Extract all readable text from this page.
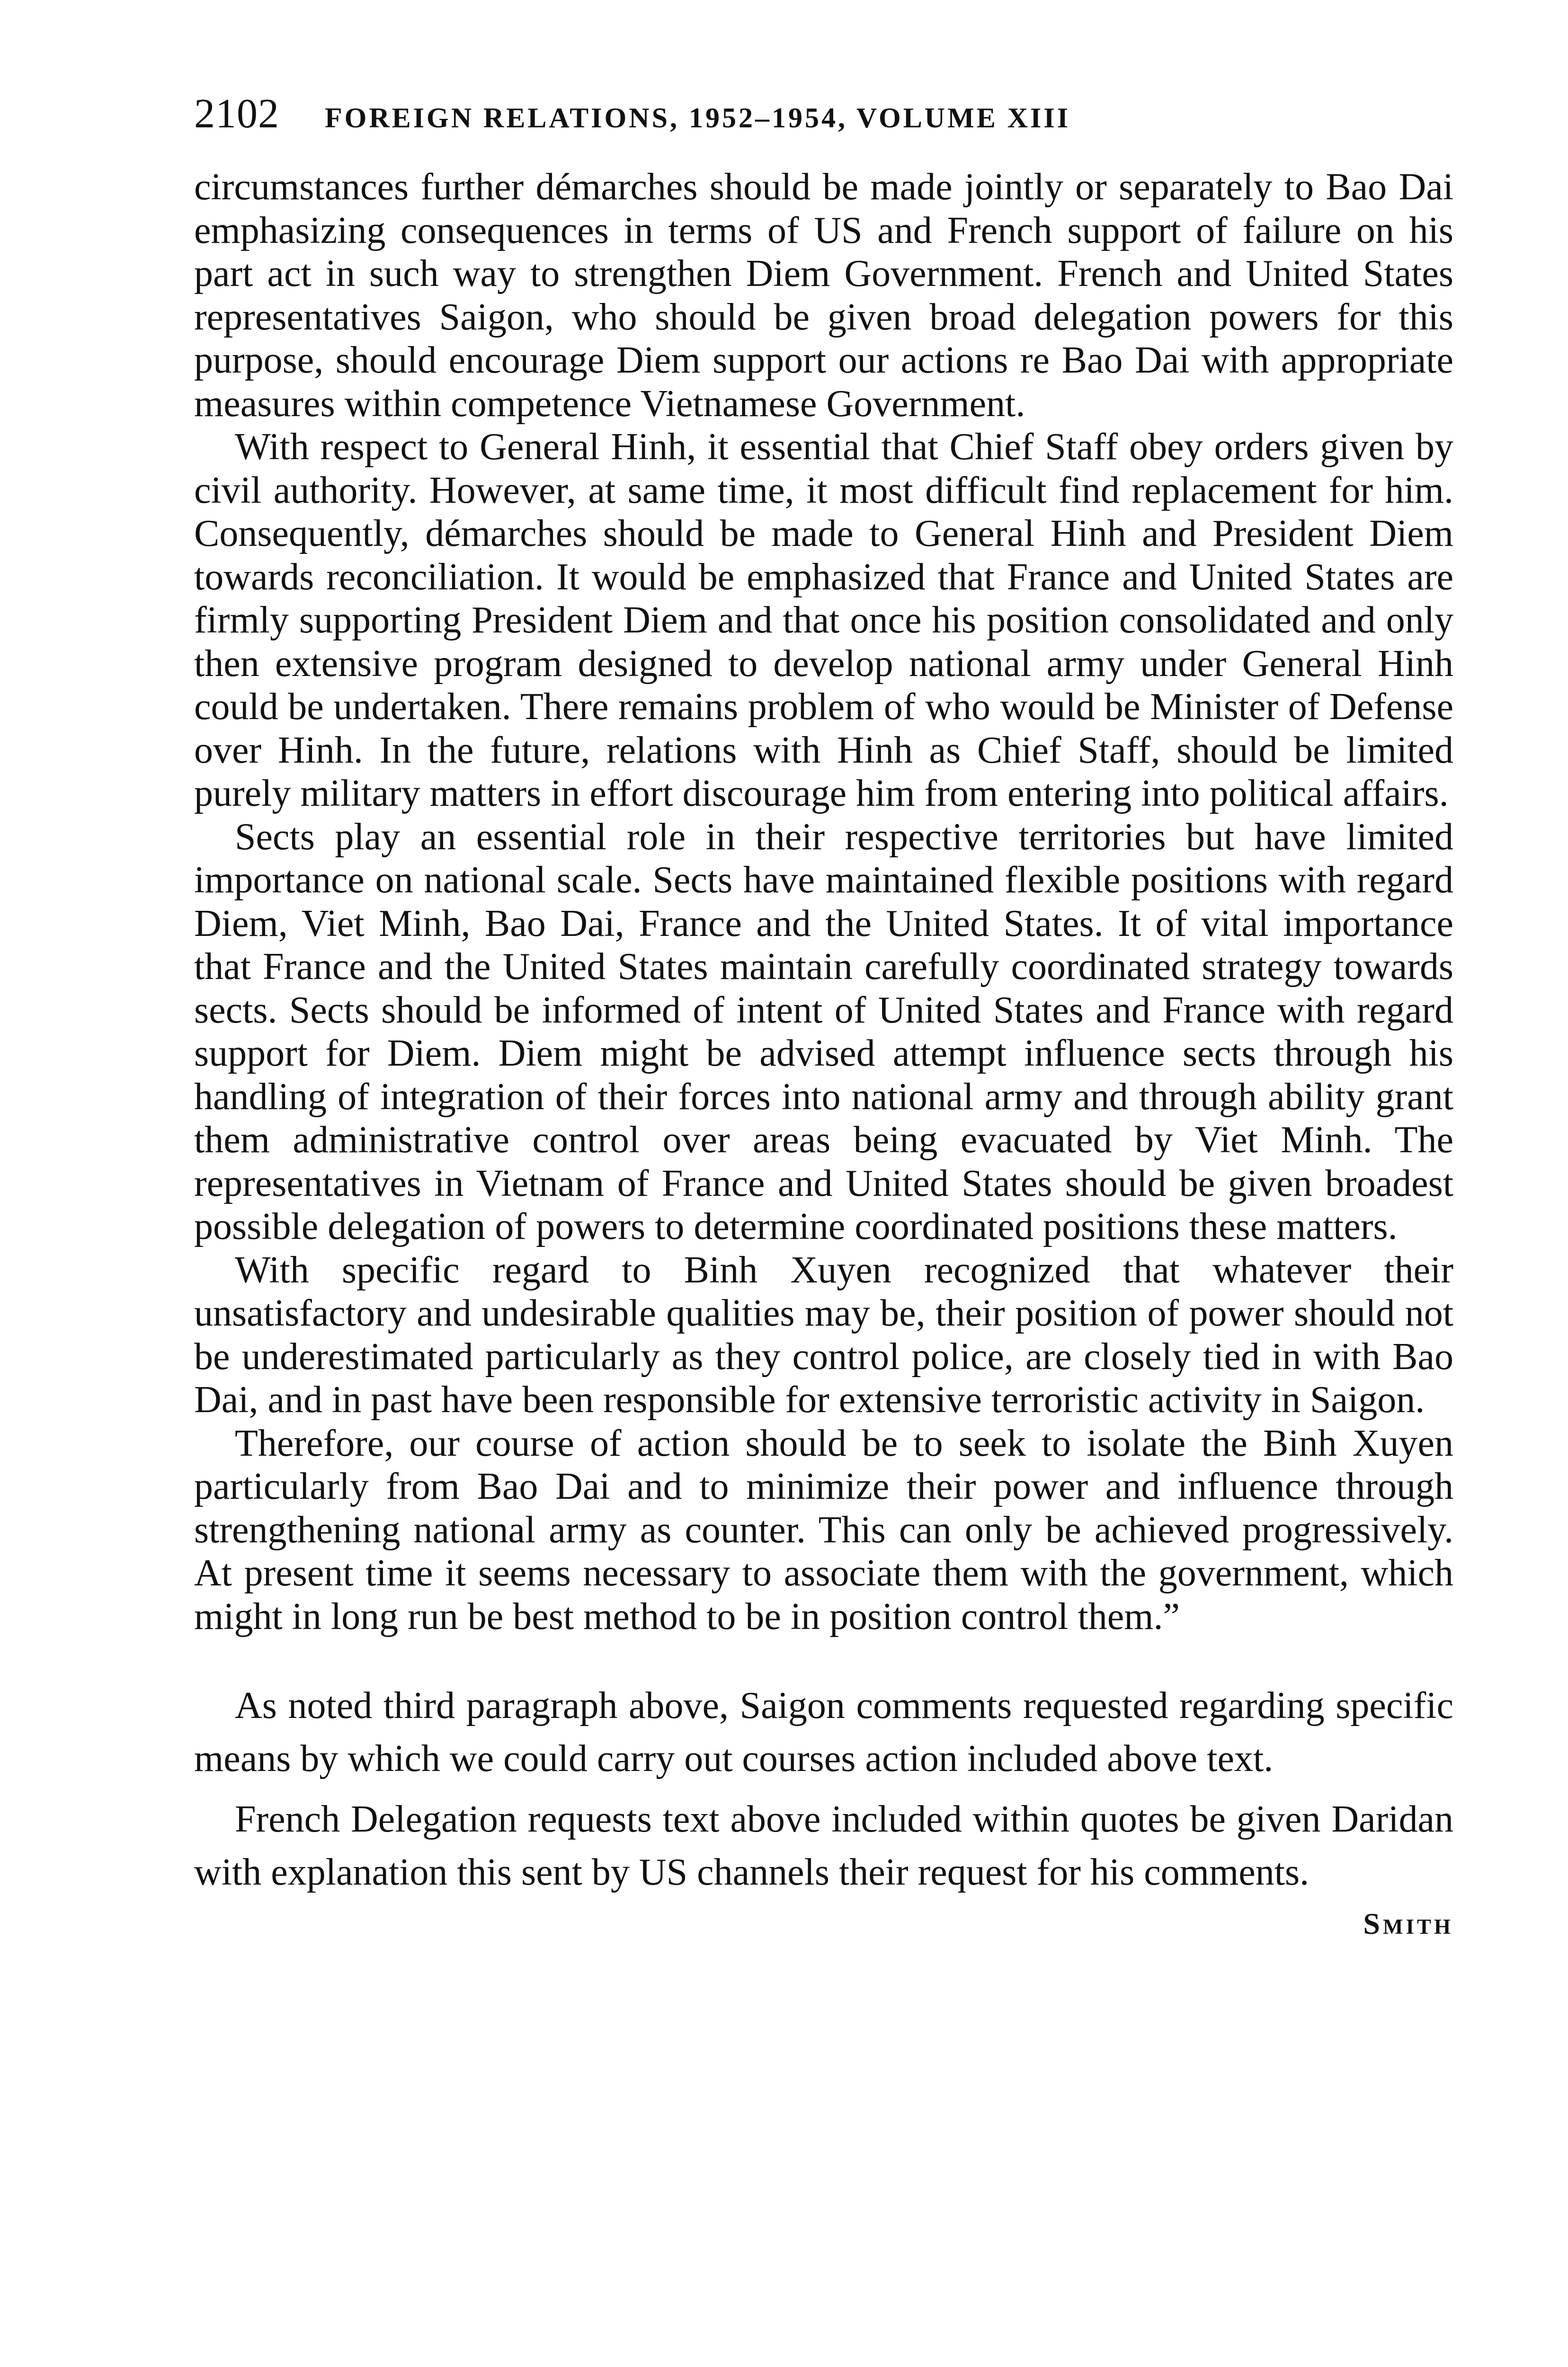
2102 FOREIGN RELATIONS, 1952–1954, VOLUME XIII

circumstances further démarches should be made jointly or separately to Bao Dai emphasizing consequences in terms of US and French support of failure on his part act in such way to strengthen Diem Government. French and United States representatives Saigon, who should be given broad delegation powers for this purpose, should encourage Diem support our actions re Bao Dai with appropriate measures within competence Vietnamese Government.

With respect to General Hinh, it essential that Chief Staff obey orders given by civil authority. However, at same time, it most difficult find replacement for him. Consequently, démarches should be made to General Hinh and President Diem towards reconciliation. It would be emphasized that France and United States are firmly supporting President Diem and that once his position consolidated and only then extensive program designed to develop national army under General Hinh could be undertaken. There remains problem of who would be Minister of Defense over Hinh. In the future, relations with Hinh as Chief Staff, should be limited purely military matters in effort discourage him from entering into political affairs.

Sects play an essential role in their respective territories but have limited importance on national scale. Sects have maintained flexible positions with regard Diem, Viet Minh, Bao Dai, France and the United States. It of vital importance that France and the United States maintain carefully coordinated strategy towards sects. Sects should be informed of intent of United States and France with regard support for Diem. Diem might be advised attempt influence sects through his handling of integration of their forces into national army and through ability grant them administrative control over areas being evacuated by Viet Minh. The representatives in Vietnam of France and United States should be given broadest possible delegation of powers to determine coordinated positions these matters.

With specific regard to Binh Xuyen recognized that whatever their unsatisfactory and undesirable qualities may be, their position of power should not be underestimated particularly as they control police, are closely tied in with Bao Dai, and in past have been responsible for extensive terroristic activity in Saigon.

Therefore, our course of action should be to seek to isolate the Binh Xuyen particularly from Bao Dai and to minimize their power and influence through strengthening national army as counter. This can only be achieved progressively. At present time it seems necessary to associate them with the government, which might in long run be best method to be in position control them.”

As noted third paragraph above, Saigon comments requested regarding specific means by which we could carry out courses action included above text.

French Delegation requests text above included within quotes be given Daridan with explanation this sent by US channels their request for his comments.

Smith
